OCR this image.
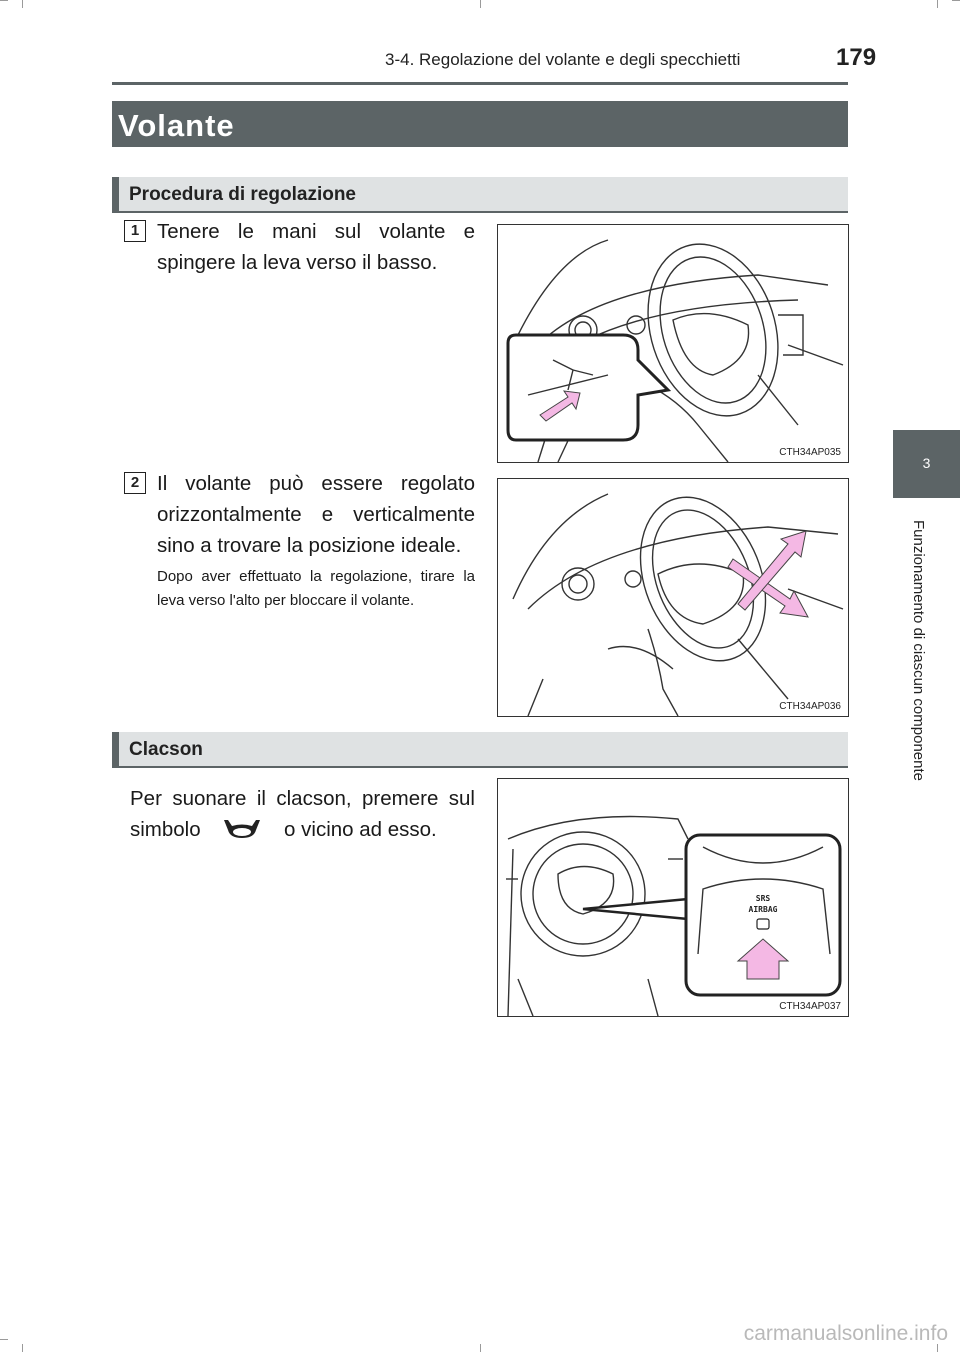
3-4. Regolazione del volante e degli specchietti	179
Volante
Procedura di regolazione
1 Tenere le mani sul volante e spingere la leva verso il basso.
CTH34AP035
2 Il volante può essere regolato orizzontalmente e verticalmente sino a trovare la posizione ideale.
Dopo aver effettuato la regolazione, tirare la leva verso l'alto per bloccare il volante.
CTH34AP036
Clacson
Per suonare il clacson, premere sul simbolo	o vicino ad esso.
SRS
AIRBAG
CTH34AP037
3
Funzionamento di ciascun componente
carmanualsonline.info
